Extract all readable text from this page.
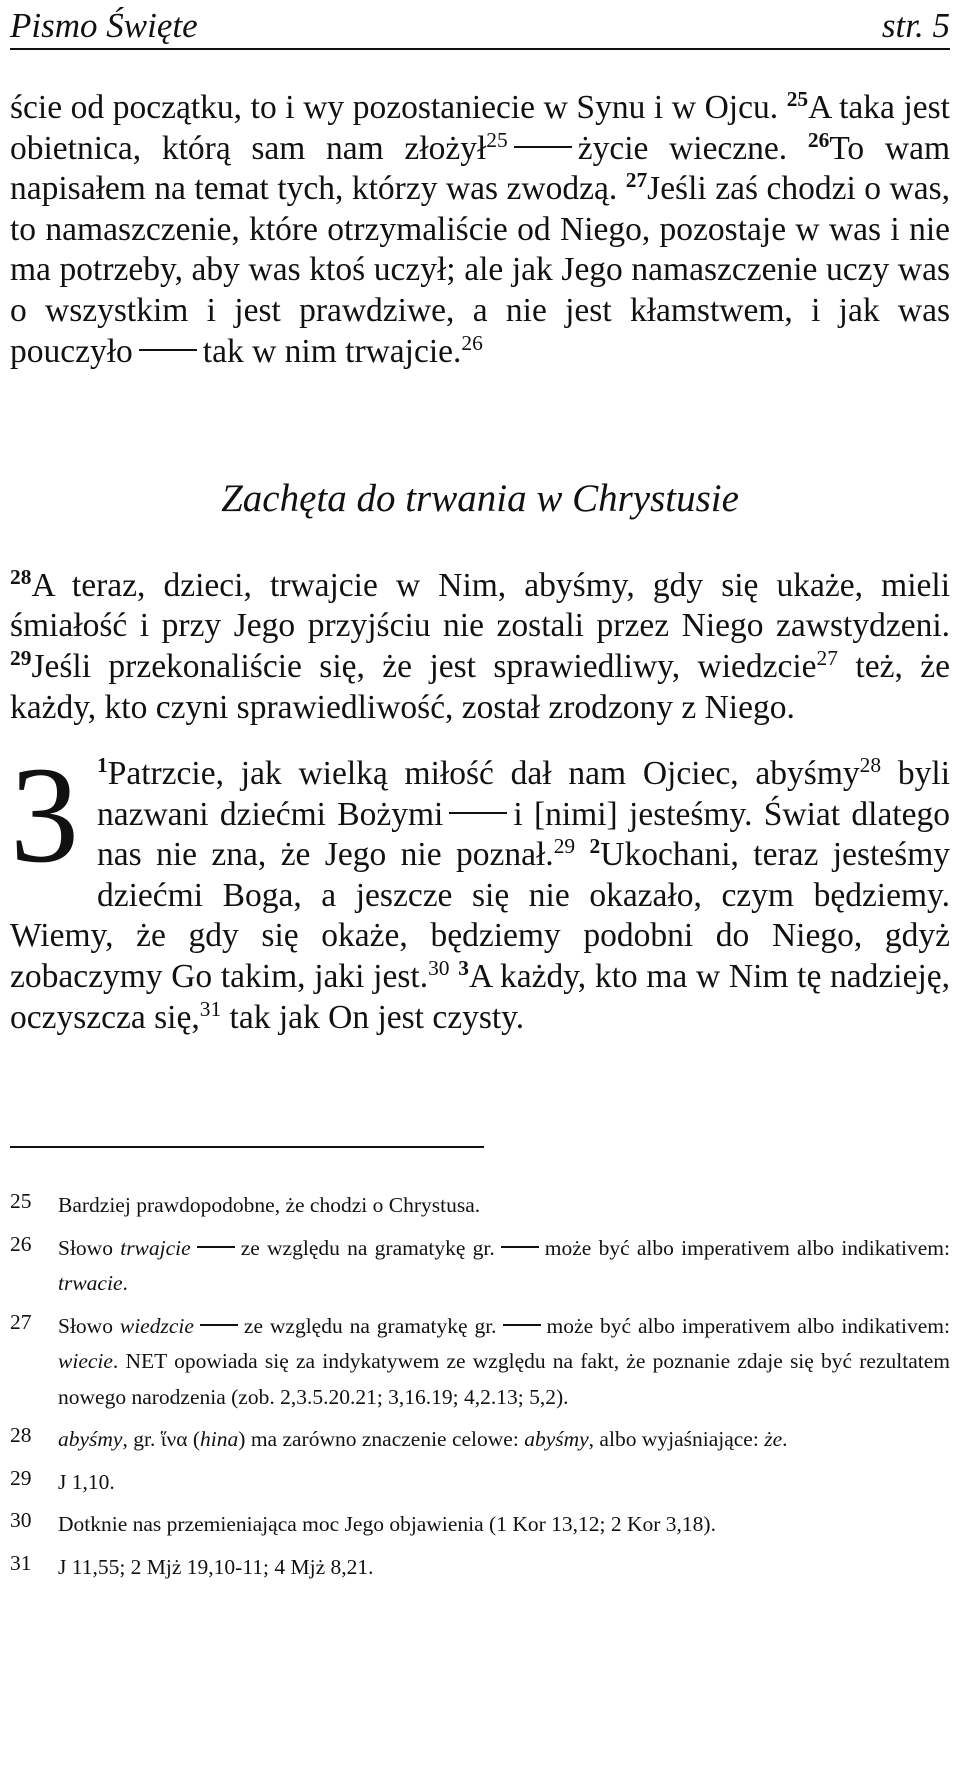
Pismo Święte	str. 5

ście od początku, to i wy pozostaniecie w Synu i w Ojcu. $^{25}$A taka jest obietnica, którą sam nam złożył$^{25}$ życie wieczne. $^{26}$To wam napisałem na temat tych, którzy was zwodzą. $^{27}$Jeśli zaś chodzi o was, to namaszczenie, które otrzymaliście od Niego, pozostaje w was i nie ma potrzeby, aby was ktoś uczył; ale jak Jego namaszczenie uczy was o wszystkim i jest prawdziwe, a nie jest kłamstwem, i jak was pouczyło tak w nim trwajcie.$^{26}$

Zachęta do trwania w Chrystusie

$^{28}$A teraz, dzieci, trwajcie w Nim, abyśmy, gdy się ukaże, mieli śmiałość i przy Jego przyjściu nie zostali przez Niego zawstydzeni. $^{29}$Jeśli przekonaliście się, że jest sprawiedliwy, wiedzcie$^{27}$ też, że każdy, kto czyni sprawiedliwość, został zrodzony z Niego.

3 $^1$Patrzcie, jak wielką miłość dał nam Ojciec, abyśmy$^{28}$ byli nazwani dziećmi Bożymi i [nimi] jesteśmy. Świat dlatego nas nie zna, że Jego nie poznał.$^{29}$ $^2$Ukochani, teraz jesteśmy dziećmi Boga, a jeszcze się nie okazało, czym będziemy. Wiemy, że gdy się okaże, będziemy podobni do Niego, gdyż zobaczymy Go takim, jaki jest.$^{30}$ $^3$A każdy, kto ma w Nim tę nadzieję, oczyszcza się,$^{31}$ tak jak On jest czysty.

25 Bardziej prawdopodobne, że chodzi o Chrystusa.

26 Słowo trwajcie ze względu na gramatykę gr. może być albo imperativem albo indikativem: trwacie.

27 Słowo wiedzcie ze względu na gramatykę gr. może być albo imperativem albo indikativem: wiecie. NET opowiada się za indykatywem ze względu na fakt, że poznanie zdaje się być rezultatem nowego narodzenia (zob. 2,3.5.20.21; 3,16.19; 4,2.13; 5,2).

28 abyśmy, gr. ἵνα (hina) ma zarówno znaczenie celowe: abyśmy, albo wyjaśniające: że.

29 J 1,10.

30 Dotknie nas przemieniająca moc Jego objawienia (1 Kor 13,12; 2 Kor 3,18).

31 J 11,55; 2 Mjż 19,10-11; 4 Mjż 8,21.
